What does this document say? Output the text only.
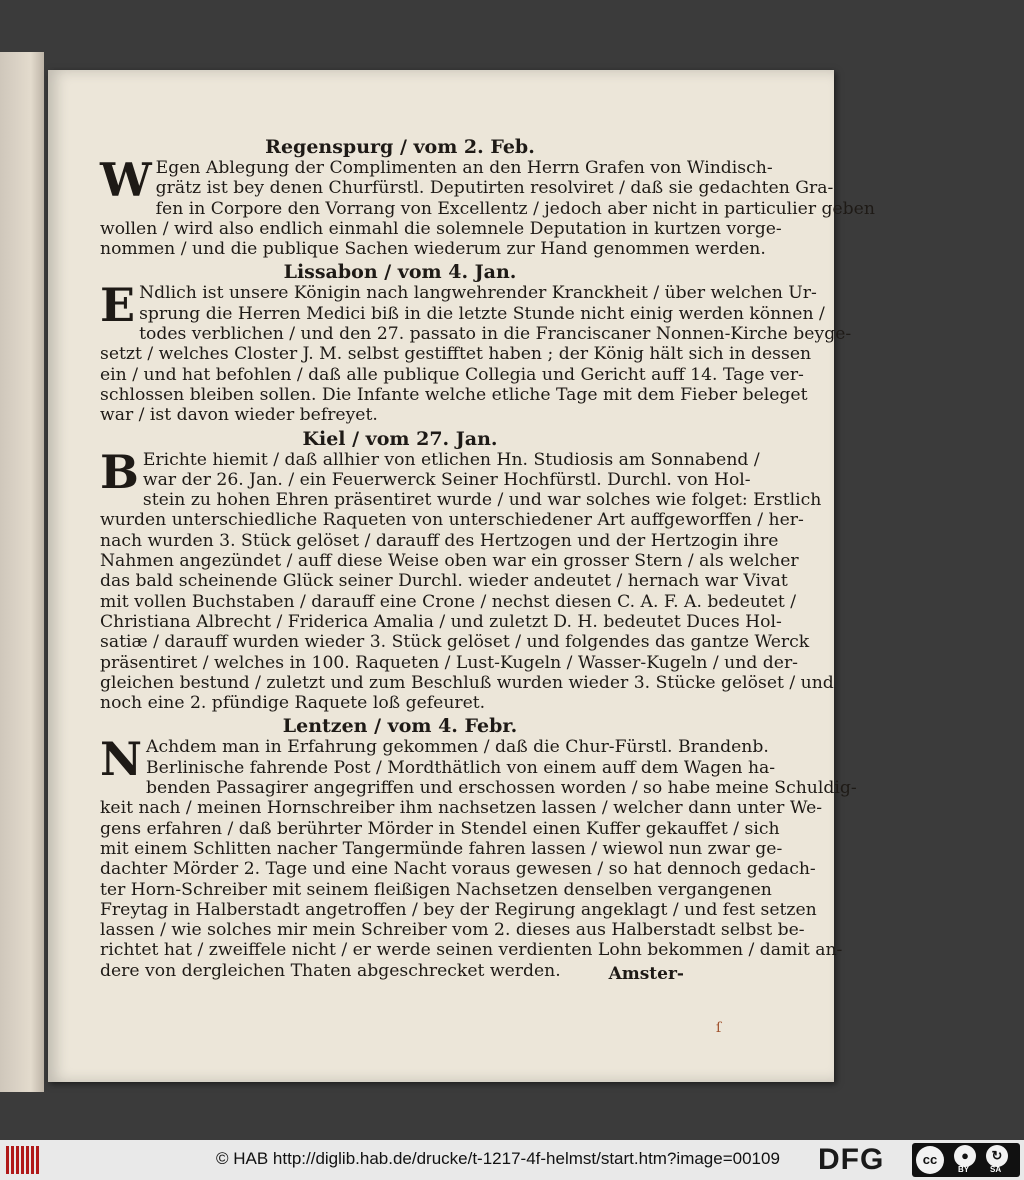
Regenspurg / vom 2. Feb.

W Egen Ablegung der Complimenten an den Herrn Grafen von Windisch-
grätz ist bey denen Churfürstl. Deputirten resolviret / daß sie gedachten Gra-
fen in Corpore den Vorrang von Excellentz / jedoch aber nicht in particulier geben
wollen / wird also endlich einmahl die solemnele Deputation in kurtzen vorge-
nommen / und die publique Sachen wiederum zur Hand genommen werden.

Lissabon / vom 4. Jan.

E Ndlich ist unsere Königin nach langwehrender Kranckheit / über welchen Ur-
sprung die Herren Medici biß in die letzte Stunde nicht einig werden können /
todes verblichen / und den 27. passato in die Franciscaner Nonnen-Kirche beyge-
setzt / welches Closter J. M. selbst gestifftet haben ; der König hält sich in dessen
ein / und hat befohlen / daß alle publique Collegia und Gericht auff 14. Tage ver-
schlossen bleiben sollen. Die Infante welche etliche Tage mit dem Fieber beleget
war / ist davon wieder befreyet.

Kiel / vom 27. Jan.

B Erichte hiemit / daß allhier von etlichen Hn. Studiosis am Sonnabend /
war der 26. Jan. / ein Feuerwerck Seiner Hochfürstl. Durchl. von Hol-
stein zu hohen Ehren präsentiret wurde / und war solches wie folget: Erstlich
wurden unterschiedliche Raqueten von unterschiedener Art auffgeworffen / her-
nach wurden 3. Stück gelöset / darauff des Hertzogen und der Hertzogin ihre
Nahmen angezündet / auff diese Weise oben war ein grosser Stern / als welcher
das bald scheinende Glück seiner Durchl. wieder andeutet / hernach war Vivat
mit vollen Buchstaben / darauff eine Crone / nechst diesen C. A. F. A. bedeutet /
Christiana Albrecht / Friderica Amalia / und zuletzt D. H. bedeutet Duces Hol-
satiæ / darauff wurden wieder 3. Stück gelöset / und folgendes das gantze Werck
präsentiret / welches in 100. Raqueten / Lust-Kugeln / Wasser-Kugeln / und der-
gleichen bestund / zuletzt und zum Beschluß wurden wieder 3. Stücke gelöset / und
noch eine 2. pfündige Raquete loß gefeuret.

Lentzen / vom 4. Febr.

N Achdem man in Erfahrung gekommen / daß die Chur-Fürstl. Brandenb.
Berlinische fahrende Post / Mordthätlich von einem auff dem Wagen ha-
benden Passagirer angegriffen und erschossen worden / so habe meine Schuldig-
keit nach / meinen Hornschreiber ihm nachsetzen lassen / welcher dann unter We-
gens erfahren / daß berührter Mörder in Stendel einen Kuffer gekauffet / sich
mit einem Schlitten nacher Tangermünde fahren lassen / wiewol nun zwar ge-
dachter Mörder 2. Tage und eine Nacht voraus gewesen / so hat dennoch gedach-
ter Horn-Schreiber mit seinem fleißigen Nachsetzen denselben vergangenen
Freytag in Halberstadt angetroffen / bey der Regirung angeklagt / und fest setzen
lassen / wie solches mir mein Schreiber vom 2. dieses aus Halberstadt selbst be-
richtet hat / zweiffele nicht / er werde seinen verdienten Lohn bekommen / damit an-
dere von dergleichen Thaten abgeschrecket werden.	Amster-
ſ
© HAB http://diglib.hab.de/drucke/t-1217-4f-helmst/start.htm?image=00109 DFG	cc	●
BY
↻
SA
